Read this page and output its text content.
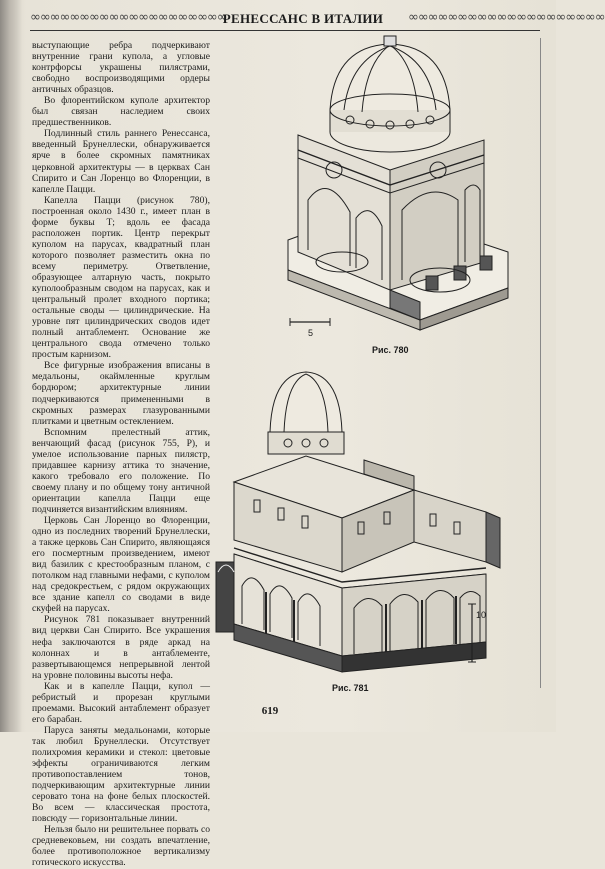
∞∞∞∞∞∞∞∞∞∞∞∞∞∞∞∞∞∞∞∞
РЕНЕССАНС В ИТАЛИИ	∞∞∞∞∞∞∞∞∞∞∞∞∞∞∞∞∞∞∞∞

выступающие ребра подчеркивают внутренние грани купола, а угловые контрфорсы украшены пилястрами, свободно воспроизводящими ордеры античных образцов.

Во флорентийском куполе архитектор был связан наследием своих предшественников.

Подлинный стиль раннего Ренессанса, введенный Брунеллески, обнаруживается ярче в более скромных памятниках церковной архитектуры — в церквах Сан Спирито и Сан Лоренцо во Флоренции, в капелле Пацци.

Капелла Пацци (рисунок 780), построенная около 1430 г., имеет план в форме буквы Т; вдоль ее фасада расположен портик. Центр перекрыт куполом на парусах, квадратный план которого позволяет разместить окна по всему периметру. Ответвление, образующее алтарную часть, покрыто куполообразным сводом на парусах, как и центральный пролет входного портика; остальные своды — цилиндрические. На уровне пят цилиндрических сводов идет полный антаблемент. Основание же центрального свода отмечено только простым карнизом.

Все фигурные изображения вписаны в медальоны, окаймленные круглым бордюром; архитектурные линии подчеркиваются примененными в скромных размерах глазурованными плитками и цветным остеклением.

Вспомним прелестный аттик, венчающий фасад (рисунок 755, Р), и умелое использование парных пилястр, придавшее карнизу аттика то значение, какого требовало его положение. По своему плану и по общему тону античной ориентации капелла Пацци еще подчиняется византийским влияниям.

Церковь Сан Лоренцо во Флоренции, одно из последних творений Брунеллески, а также церковь Сан Спирито, являющаяся его посмертным произведением, имеют вид базилик с крестообразным планом, с потолком над главными нефами, с куполом над средокрестьем, с рядом окружающих все здание капелл со сводами в виде скуфей на парусах.

Рисунок 781 показывает внутренний вид церкви Сан Спирито. Все украшения нефа заключаются в ряде аркад на колоннах и в антаблементе, развертывающемся непрерывной лентой на уровне половины высоты нефа.

Как и в капелле Пацци, купол — ребристый и прорезан круглыми проемами. Высокий антаблемент образует его барабан.

Паруса заняты медальонами, которые так любил Брунеллески. Отсутствует полихромия керамики и стекол: цветовые эффекты ограничиваются легким противопоставлением тонов, подчеркивающим архитектурные линии серовато тона на фоне белых плоскостей. Во всем — классическая простота, повсюду — горизонтальные линии.

Нельзя было ни решительнее порвать со средневековьем, ни создать впечатление, более противоположное вертикализму готического искусства.

5
Рис. 780
10
Рис. 781
619
